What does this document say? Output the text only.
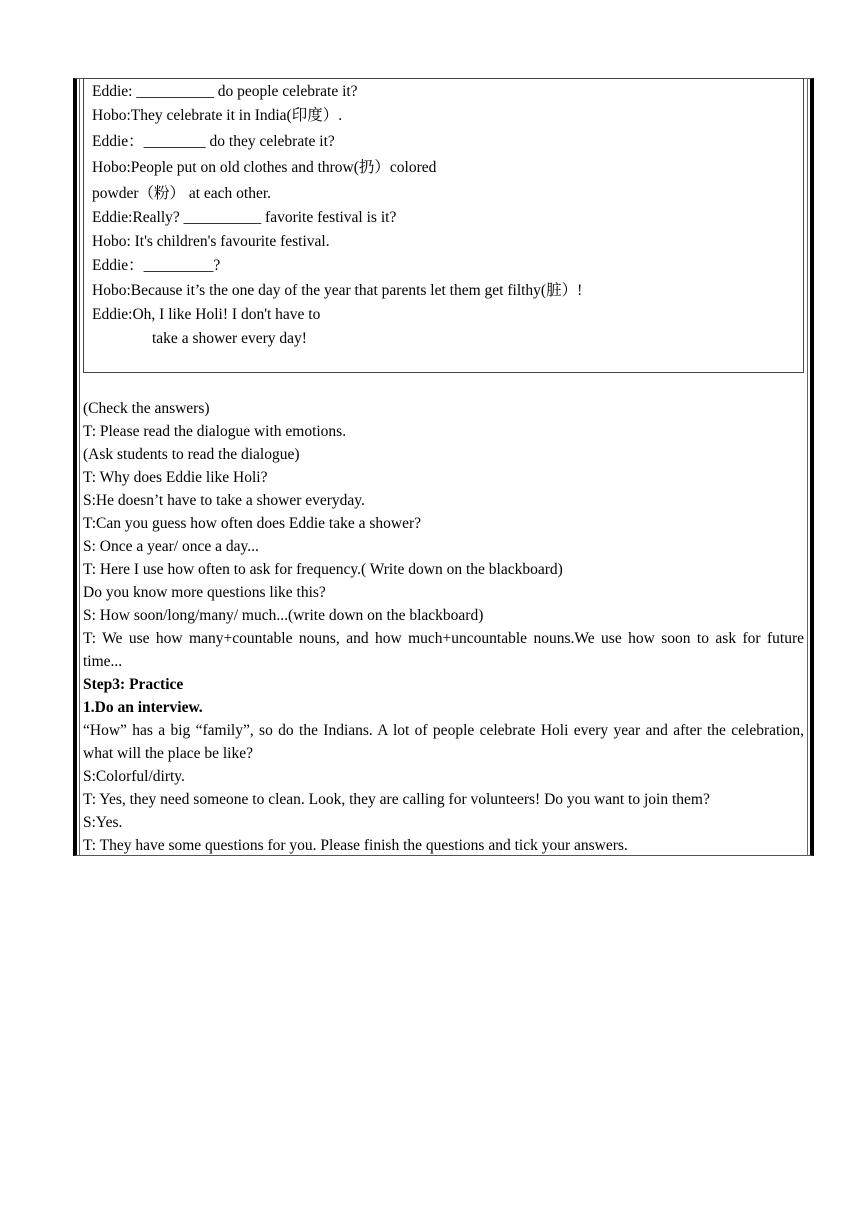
Eddie: __________ do people celebrate it?
Hobo:They celebrate it in India(印度）.
Eddie：________ do they celebrate it?
Hobo:People put on old clothes and throw(扔）colored
powder（粉） at each other.
Eddie:Really? __________ favorite festival is it?
Hobo: It's children's favourite festival.
Eddie：_________?
Hobo:Because it’s the one day of the year that parents let them get filthy(脏）!
Eddie:Oh, I like Holi! I don't have to
take a shower every day!

(Check the answers)

T: Please read the dialogue with emotions.

(Ask students to read the dialogue)

T: Why does Eddie like Holi?

S:He doesn’t have to take a shower everyday.

T:Can you guess how often does Eddie take a shower?

S: Once a year/ once a day...

T: Here I use how often to ask for frequency.( Write down on the blackboard)

Do you know more questions like this?

S: How soon/long/many/ much...(write down on the blackboard)

T: We use how many+countable nouns, and how much+uncountable nouns.We use how soon to ask for future time...

Step3: Practice

1.Do an interview.

“How” has a big “family”, so do the Indians. A lot of people celebrate Holi every year and after the celebration, what will the place be like?

S:Colorful/dirty.

T: Yes, they need someone to clean. Look, they are calling for volunteers! Do you want to join them?

S:Yes.

T: They have some questions for you. Please finish the questions and tick your answers.
